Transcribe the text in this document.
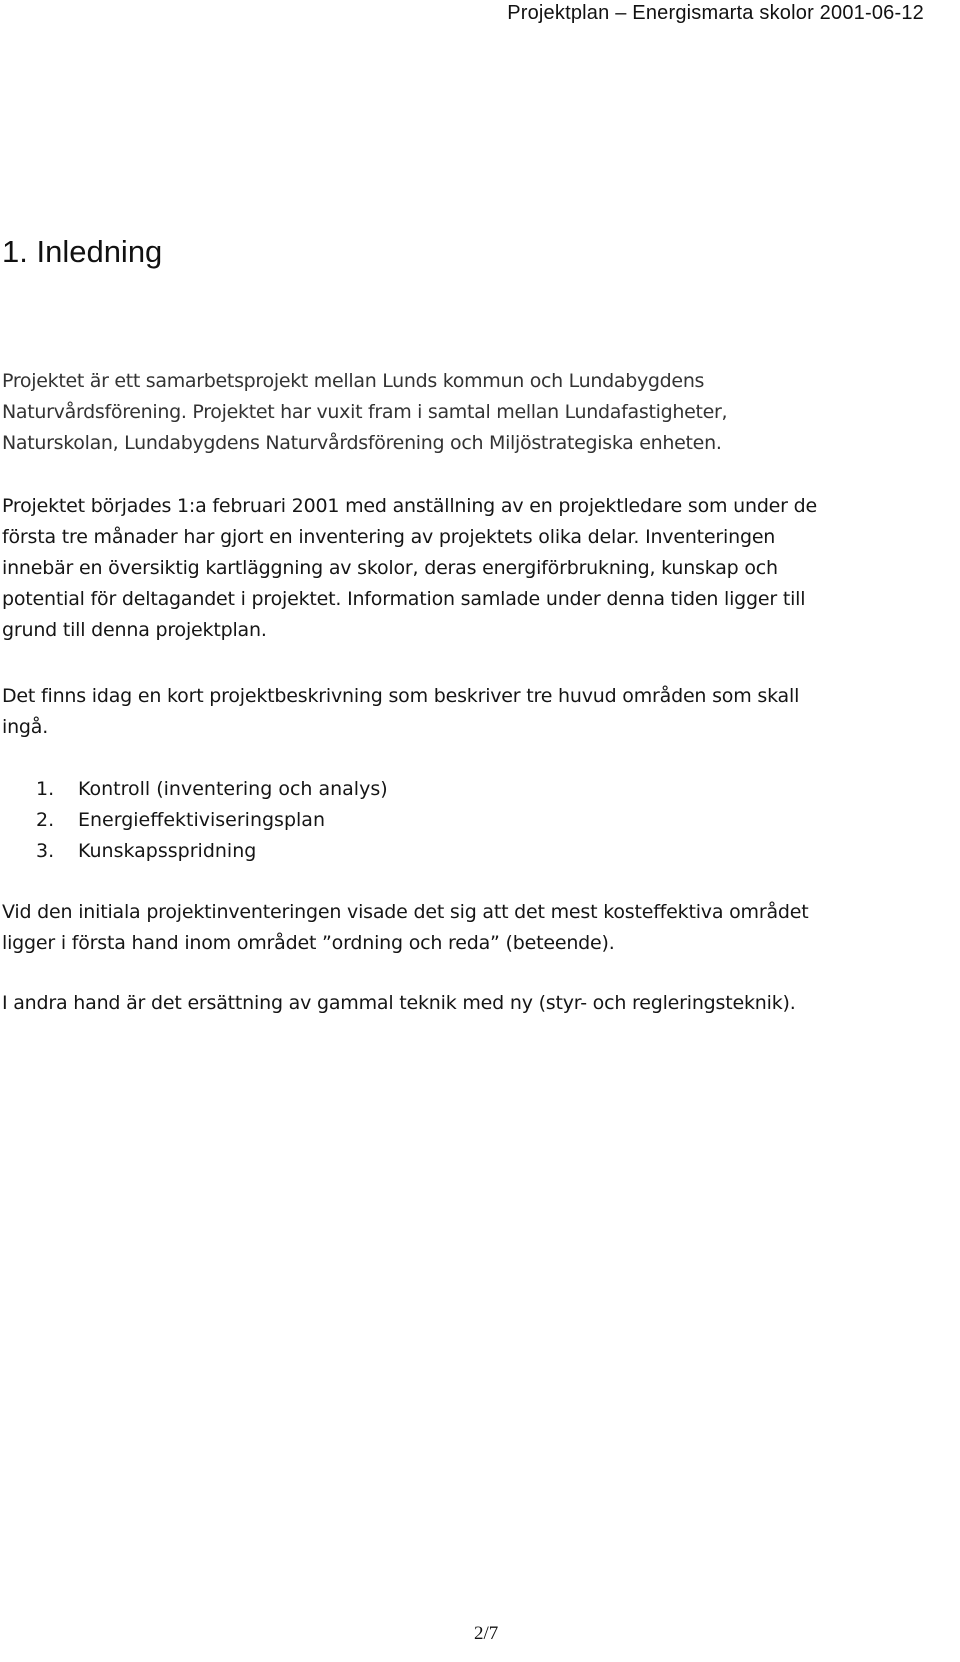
Projektplan – Energismarta skolor 2001-06-12
1. Inledning

Projektet är ett samarbetsprojekt mellan Lunds kommun och Lundabygdens
Naturvårdsförening. Projektet har vuxit fram i samtal mellan Lundafastigheter,
Naturskolan, Lundabygdens Naturvårdsförening och Miljöstrategiska enheten.

Projektet börjades 1:a februari 2001 med anställning av en projektledare som under de
första tre månader har gjort en inventering av projektets olika delar. Inventeringen
innebär en översiktig kartläggning av skolor, deras energiförbrukning, kunskap och
potential för deltagandet i projektet. Information samlade under denna tiden ligger till
grund till denna projektplan.

Det finns idag en kort projektbeskrivning som beskriver tre huvud områden som skall
ingå.

1. Kontroll (inventering och analys)
2. Energieffektiviseringsplan
3. Kunskapsspridning

Vid den initiala projektinventeringen visade det sig att det mest kosteffektiva området
ligger i första hand inom området ”ordning och reda” (beteende).

I andra hand är det ersättning av gammal teknik med ny (styr- och regleringsteknik).

2/7
